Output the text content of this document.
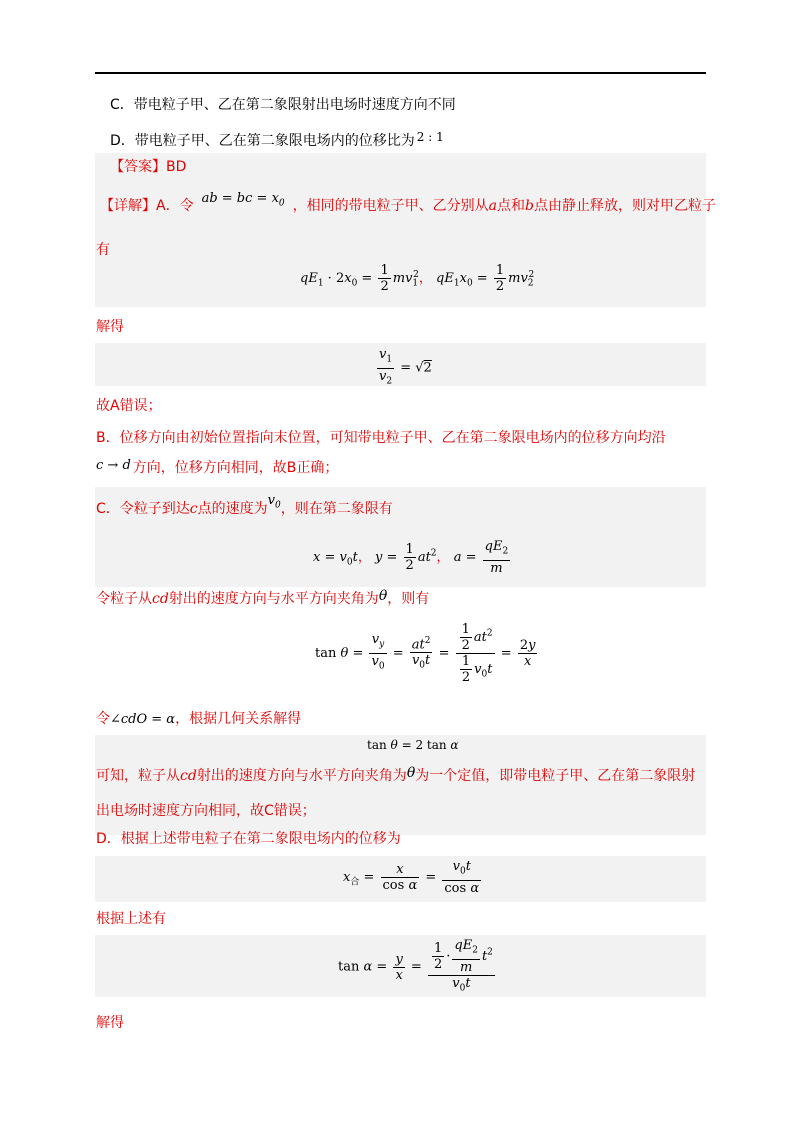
C．带电粒子甲、乙在第二象限射出电场时速度方向不同
D．带电粒子甲、乙在第二象限电场内的位移比为 2 : 1
【答案】BD
【详解】A．令 ab = bc = $x_0$ ，相同的带电粒子甲、乙分别从a点和b点由静止释放，则对甲乙粒子
有
$qE_1 \cdot 2x_0 = \frac{1}{2} mv_1^2$， $qE_1x_0 = \frac{1}{2} mv_2^2$
解得
$\frac{v_1}{v_2} = √2$
故A错误；
B．位移方向由初始位置指向末位置，可知带电粒子甲、乙在第二象限电场内的位移方向均沿
c → d 方向，位移方向相同，故B正确；
C．令粒子到达c点的速度为$v_0$，则在第二象限有
$x = v_0t$， $y = \frac{1}{2} at^2$， $a = \frac{qE_2}{m}$
令粒子从cd射出的速度方向与水平方向夹角为θ，则有
$\tan \theta = \frac{v_y}{v_0} = \frac{at^2}{v_0t} = \frac{\frac{1}{2} at^2}{\frac{1}{2} v_0t} = \frac{2y}{x}$
令∠cdO = α，根据几何关系解得
tan θ = 2 tan α
可知，粒子从cd射出的速度方向与水平方向夹角为θ为一个定值，即带电粒子甲、乙在第二象限射
出电场时速度方向相同，故C错误；
D．根据上述带电粒子在第二象限电场内的位移为
$x_合 = \frac{x}{\text{cos α}} = \frac{v_0t}{\text{cos α}}$
根据上述有
$\tan \alpha = \frac{y}{x} = \frac{\frac{1}{2} \cdot \frac{qE_2}{m} t^2}{v_0t}$
解得
